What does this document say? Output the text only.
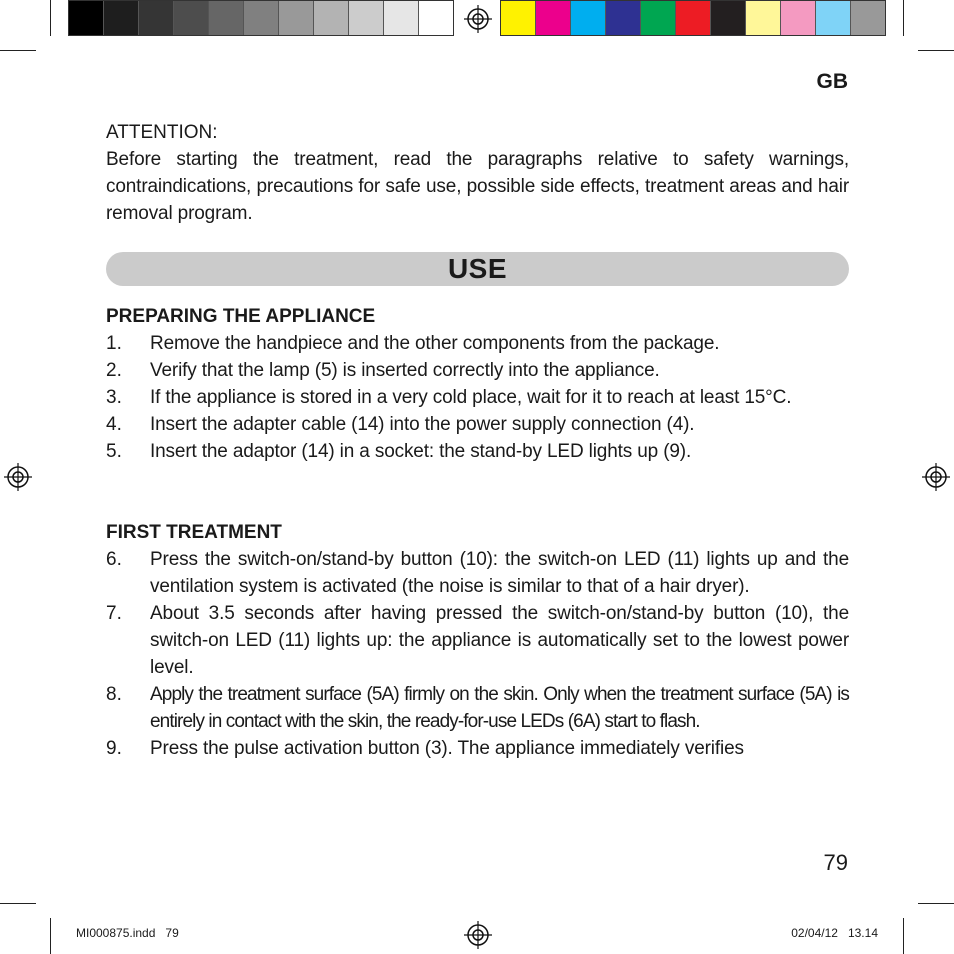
GB

ATTENTION:

Before starting the treatment, read the paragraphs relative to safety warnings, contraindications, precautions for safe use, possible side effects, treatment areas and hair removal program.

USE

PREPARING THE APPLIANCE

1.	Remove the handpiece and the other components from the package.
2.	Verify that the lamp (5) is inserted correctly into the appliance.
3.	If the appliance is stored in a very cold place, wait for it to reach at least 15°C.
4.	Insert the adapter cable (14) into the power supply connection (4).
5.	Insert the adaptor (14) in a socket: the stand-by LED lights up (9).

FIRST TREATMENT

6.	Press the switch-on/stand-by button (10): the switch-on LED (11) lights up and the ventilation system is activated (the noise is similar to that of a hair dryer).
7.	About 3.5 seconds after having pressed the switch-on/stand-by button (10), the switch-on LED (11) lights up: the appliance is automatically set to the lowest power level.
8.	Apply the treatment surface (5A) firmly on the skin. Only when the treatment surface (5A) is entirely in contact with the skin, the ready-for-use LEDs (6A) start to flash.
9.	Press the pulse activation button (3). The appliance immediately verifies
79
MI000875.indd   79	02/04/12   13.14
